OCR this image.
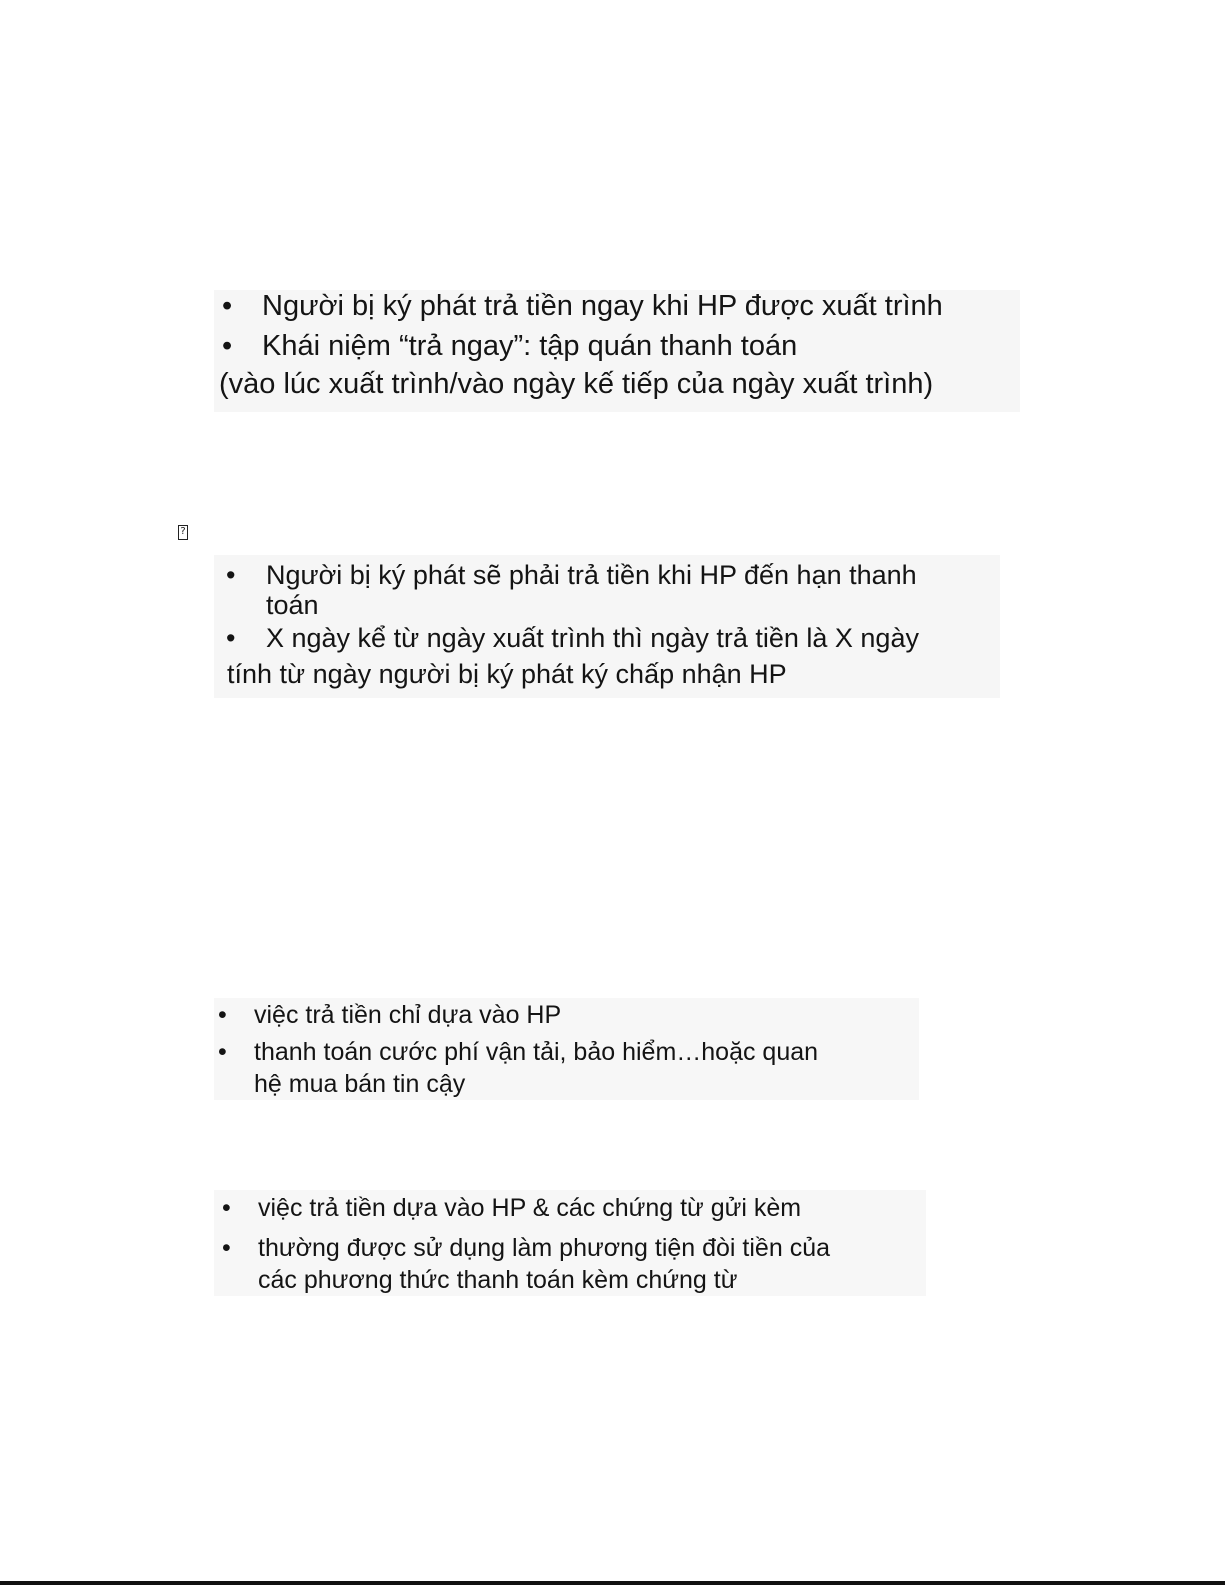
• Người bị ký phát trả tiền ngay khi HP được xuất trình
• Khái niệm “trả ngay”: tập quán thanh toán
(vào lúc xuất trình/vào ngày kế tiếp của ngày xuất trình)
?
• Người bị ký phát sẽ phải trả tiền khi HP đến hạn thanh
toán
• X ngày kể từ ngày xuất trình thì ngày trả tiền là X ngày
tính từ ngày người bị ký phát ký chấp nhận HP
• việc trả tiền chỉ dựa vào HP
• thanh toán cước phí vận tải, bảo hiểm…hoặc quan
hệ mua bán tin cậy
• việc trả tiền dựa vào HP & các chứng từ gửi kèm
• thường được sử dụng làm phương tiện đòi tiền của
các phương thức thanh toán kèm chứng từ
